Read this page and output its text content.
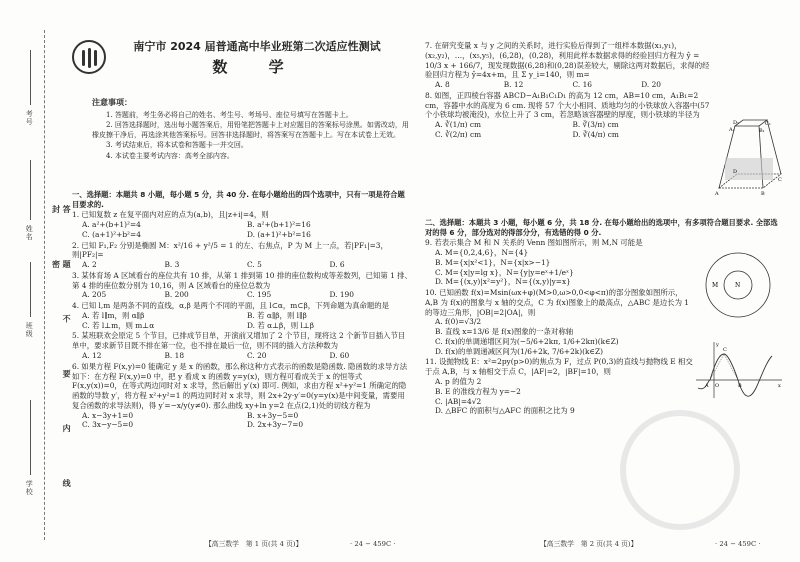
考号
姓名
班级
学校	答 题 不 要 内 线 封 密
南宁市 2024 届普通高中毕业班第二次适应性测试
数 学
注意事项：

1. 答题前，考生务必将自己的姓名、考生号、考场号、座位号填写在答题卡上。

2. 回答选择题时，选出每小题答案后，用铅笔把答题卡上对应题目的答案标号涂黑。如需改动，用橡皮擦干净后，再选涂其他答案标号。回答非选择题时，将答案写在答题卡上。写在本试卷上无效。

3. 考试结束后，将本试卷和答题卡一并交回。

4. 本试卷主要考试内容：高考全部内容。

一、选择题：本题共 8 小题，每小题 5 分，共 40 分. 在每小题给出的四个选项中，只有一项是符合题目要求的.
1. 已知复数 z 在复平面内对应的点为(a,b)，且|z+i|=4，则
A. a²+(b+1)²=4	B. a²+(b+1)²=16
C. (a+1)²+b²=4	D. (a+1)²+b²=16
2. 已知 F₁,F₂ 分别是椭圆 M：x²/16 + y²/5 = 1 的左、右焦点，P 为 M 上一点，若|PF₁|=3，则|PF₂|=
A. 2	B. 3	C. 5	D. 6
3. 某体育场 A 区域看台的座位共有 10 排，从第 1 排到第 10 排的座位数构成等差数列，已知第 1 排、第 4 排的座位数分别为 10,16，则 A 区域看台的座位总数为
A. 205	B. 200	C. 195	D. 190
4. 已知 l,m 是两条不同的直线，α,β 是两个不同的平面，且 l⊂α，m⊂β，下列命题为真命题的是
A. 若 l∥m，则 α∥β	B. 若 α∥β，则 l∥β
C. 若 l⊥m，则 m⊥α	D. 若 α⊥β，则 l⊥β
5. 某班联欢会原定 5 个节目，已排成节目单，开演前又增加了 2 个节目，现将这 2 个新节目插入节目单中，要求新节目既不排在第一位，也不排在最后一位，则不同的插入方法种数为
A. 12	B. 18	C. 20	D. 60
6. 如果方程 F(x,y)=0 能确定 y 是 x 的函数，那么称这种方式表示的函数是隐函数. 隐函数的求导方法如下：在方程 F(x,y)=0 中，把 y 看成 x 的函数 y=y(x)，则方程可看成关于 x 的恒等式 F(x,y(x))=0，在等式两边同时对 x 求导，然后解出 y′(x) 即可. 例如，求由方程 x²+y²=1 所确定的隐函数的导数 y′，将方程 x²+y²=1 的两边同时对 x 求导，则 2x+2y·y′=0(y=y(x)是中间变量，需要用复合函数的求导法则)，得 y′=−x/y(y≠0). 那么曲线 xy+ln y=2 在点(2,1)处的切线方程为
A. x−3y+1=0	B. x+3y−5=0
C. 3x−y−5=0	D. 2x+3y−7=0
7. 在研究变量 x 与 y 之间的关系时，进行实验后得到了一组样本数据(x₁,y₁)，(x₂,y₂)，…，(x₅,y₅)，(6,28)，(0,28)，利用此样本数据求得的经验回归方程为 ŷ = 10/3 x + 166/7，现发现数据(6,28)和(0,28)误差较大，剔除这两对数据后，求得的经验回归方程为 ŷ=4x+m，且 Σ y_i=140，则 m=
A. 8	B. 12	C. 16	D. 20
8. 如图，正四棱台容器 ABCD−A₁B₁C₁D₁ 的高为 12 cm，AB=10 cm，A₁B₁=2 cm，容器中水的高度为 6 cm. 现将 57 个大小相同、质地均匀的小铁球放入容器中(57 个小铁球均被淹没)，水位上升了 3 cm，若忽略该容器壁的厚度，则小铁球的半径为
A. ∛(1/π) cm	B. ∛(3/π) cm
C. ∛(2/π) cm	D. ∛(4/π) cm
二、选择题：本题共 3 小题，每小题 6 分，共 18 分. 在每小题给出的选项中，有多项符合题目要求. 全部选对的得 6 分，部分选对的得部分分，有选错的得 0 分.
9. 若表示集合 M 和 N 关系的 Venn 图如图所示，则 M,N 可能是
A. M={0,2,4,6}，N={4}
B. M={x|x²<1}，N={x|x>−1}
C. M={x|y=lg x}，N={y|y=eˣ+1/eˣ}
D. M={(x,y)|x²=y²}，N={(x,y)|y=x}
10. 已知函数 f(x)=Msin(ωx+φ)(M>0,ω>0,0<φ<π)的部分图象如图所示，A,B 为 f(x)的图象与 x 轴的交点，C 为 f(x)图象上的最高点，△ABC 是边长为 1 的等边三角形，|OB|=2|OA|，则
A. f(0)=√3/2
B. 直线 x=13/6 是 f(x)图象的一条对称轴
C. f(x)的单调递增区间为(−5/6+2kπ, 1/6+2kπ)(k∈Z)
D. f(x)的单调递减区间为(1/6+2k, 7/6+2k)(k∈Z)
11. 设抛物线 E：x²=2py(p>0)的焦点为 F，过点 P(0,3)的直线与抛物线 E 相交于点 A,B，与 x 轴相交于点 C，|AF|=2，|BF|=10，则
A. p 的值为 2
B. E 的准线方程为 y=−2
C. |AB|=4√2
D. △BFC 的面积与△AFC 的面积之比为 9
D₁	C₁
A₁	B₁
D
C
A	B
M	N
y
C
A O	B	x
【高三数学　第 1 页(共 4 页)】	· 24 − 459C ·	【高三数学　第 2 页(共 4 页)】	· 24 − 459C ·
